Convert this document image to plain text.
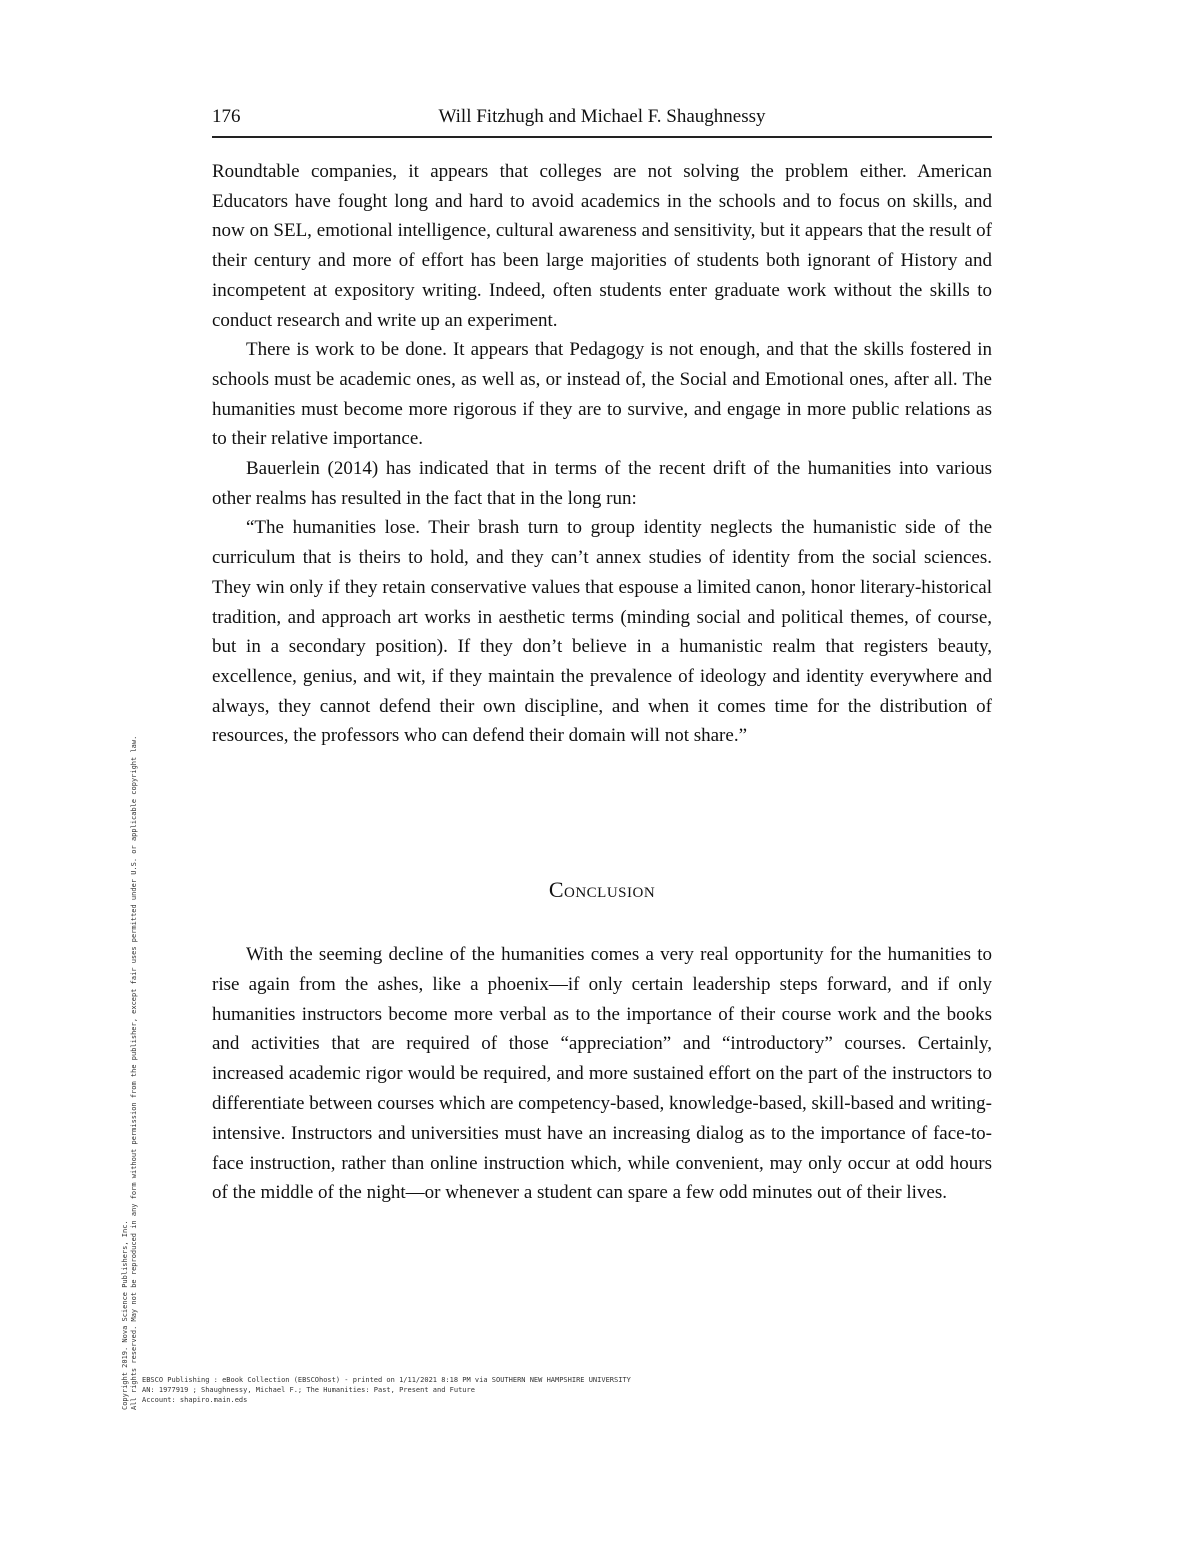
176	Will Fitzhugh and Michael F. Shaughnessy

Roundtable companies, it appears that colleges are not solving the problem either. American Educators have fought long and hard to avoid academics in the schools and to focus on skills, and now on SEL, emotional intelligence, cultural awareness and sensitivity, but it appears that the result of their century and more of effort has been large majorities of students both ignorant of History and incompetent at expository writing. Indeed, often students enter graduate work without the skills to conduct research and write up an experiment.

There is work to be done. It appears that Pedagogy is not enough, and that the skills fostered in schools must be academic ones, as well as, or instead of, the Social and Emotional ones, after all. The humanities must become more rigorous if they are to survive, and engage in more public relations as to their relative importance.

Bauerlein (2014) has indicated that in terms of the recent drift of the humanities into various other realms has resulted in the fact that in the long run:

“The humanities lose. Their brash turn to group identity neglects the humanistic side of the curriculum that is theirs to hold, and they can’t annex studies of identity from the social sciences. They win only if they retain conservative values that espouse a limited canon, honor literary-historical tradition, and approach art works in aesthetic terms (minding social and political themes, of course, but in a secondary position). If they don’t believe in a humanistic realm that registers beauty, excellence, genius, and wit, if they maintain the prevalence of ideology and identity everywhere and always, they cannot defend their own discipline, and when it comes time for the distribution of resources, the professors who can defend their domain will not share.”

Conclusion

With the seeming decline of the humanities comes a very real opportunity for the humanities to rise again from the ashes, like a phoenix—if only certain leadership steps forward, and if only humanities instructors become more verbal as to the importance of their course work and the books and activities that are required of those “appreciation” and “introductory” courses. Certainly, increased academic rigor would be required, and more sustained effort on the part of the instructors to differentiate between courses which are competency-based, knowledge-based, skill-based and writing-intensive. Instructors and universities must have an increasing dialog as to the importance of face-to-face instruction, rather than online instruction which, while convenient, may only occur at odd hours of the middle of the night—or whenever a student can spare a few odd minutes out of their lives.

Copyright 2019. Nova Science Publishers, Inc. All rights reserved. May not be reproduced in any form without permission from the publisher, except fair uses permitted under U.S. or applicable copyright law. EBSCO Publishing : eBook Collection (EBSCOhost) - printed on 1/11/2021 8:18 PM via SOUTHERN NEW HAMPSHIRE UNIVERSITY
AN: 1977919 ; Shaughnessy, Michael F.; The Humanities: Past, Present and Future
Account: shapiro.main.eds
